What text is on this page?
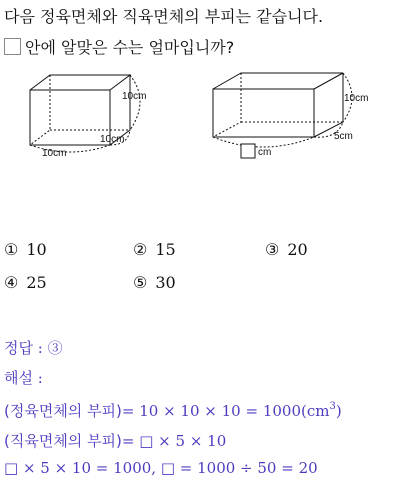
다음 정육면체와 직육면체의 부피는 같습니다.
안에 알맞은 수는 얼마입니까?
10cm
10cm
10cm
10cm
5cm
cm
① 10	② 15	③ 20
④ 25	⑤ 30
정답 : ③
해설 :
(정육면체의 부피)= $10 \times 10 \times 10 = 1000(cm^3)$
(직육면체의 부피)= □ × 5 × 10
□ × 5 × 10 = 1000, □ = 1000 ÷ 50 = 20
